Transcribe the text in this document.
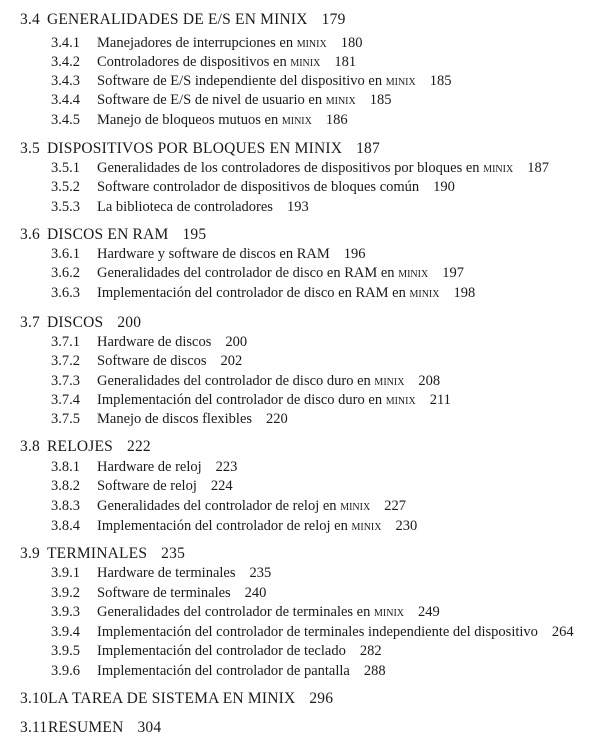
3.4 GENERALIDADES DE E/S EN MINIX 179
3.4.1 Manejadores de interrupciones en minix 180
3.4.2 Controladores de dispositivos en minix 181
3.4.3 Software de E/S independiente del dispositivo en minix 185
3.4.4 Software de E/S de nivel de usuario en minix 185
3.4.5 Manejo de bloqueos mutuos en minix 186
3.5 DISPOSITIVOS POR BLOQUES EN MINIX 187
3.5.1 Generalidades de los controladores de dispositivos por bloques en minix 187
3.5.2 Software controlador de dispositivos de bloques común 190
3.5.3 La biblioteca de controladores 193
3.6 DISCOS EN RAM 195
3.6.1 Hardware y software de discos en RAM 196
3.6.2 Generalidades del controlador de disco en RAM en minix 197
3.6.3 Implementación del controlador de disco en RAM en minix 198
3.7 DISCOS 200
3.7.1 Hardware de discos 200
3.7.2 Software de discos 202
3.7.3 Generalidades del controlador de disco duro en minix 208
3.7.4 Implementación del controlador de disco duro en minix 211
3.7.5 Manejo de discos flexibles 220
3.8 RELOJES 222
3.8.1 Hardware de reloj 223
3.8.2 Software de reloj 224
3.8.3 Generalidades del controlador de reloj en minix 227
3.8.4 Implementación del controlador de reloj en minix 230
3.9 TERMINALES 235
3.9.1 Hardware de terminales 235
3.9.2 Software de terminales 240
3.9.3 Generalidades del controlador de terminales en minix 249
3.9.4 Implementación del controlador de terminales independiente del dispositivo 264
3.9.5 Implementación del controlador de teclado 282
3.9.6 Implementación del controlador de pantalla 288
3.10LA TAREA DE SISTEMA EN MINIX 296
3.11RESUMEN 304
